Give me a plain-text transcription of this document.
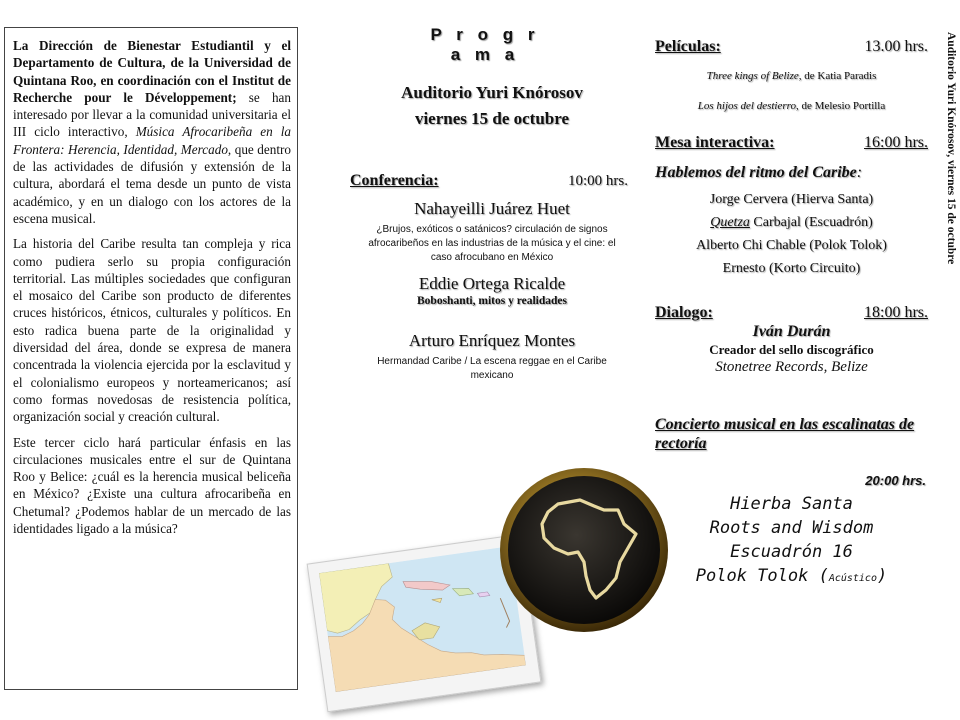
La Dirección de Bienestar Estudiantil y el Departamento de Cultura, de la Universidad de Quintana Roo, en coordinación con el Institut de Recherche pour le Développement; se han interesado por llevar a la comunidad universitaria el III ciclo interactivo, Música Afrocaribeña en la Frontera: Herencia, Identidad, Mercado, que dentro de las actividades de difusión y extensión de la cultura, abordará el tema desde un punto de vista académico, y en un dialogo con los actores de la escena musical.

La historia del Caribe resulta tan compleja y rica como pudiera serlo su propia configuración territorial. Las múltiples sociedades que configuran el mosaico del Caribe son producto de diferentes cruces históricos, étnicos, culturales y políticos. En esto radica buena parte de la originalidad y diversidad del área, donde se expresa de manera concentrada la violencia ejercida por la esclavitud y el colonialismo europeos y norteamericanos; así como formas novedosas de resistencia política, organización social y creación cultural.

Este tercer ciclo hará particular énfasis en las circulaciones musicales entre el sur de Quintana Roo y Belice: ¿cuál es la herencia musical beliceña en México? ¿Existe una cultura afrocaribeña en Chetumal? ¿Podemos hablar de un mercado de las identidades ligado a la música?

P r o g r a m a
Auditorio Yuri Knórosov
viernes 15 de octubre
Conferencia:	10:00 hrs.
Nahayeilli Juárez Huet
¿Brujos, exóticos o satánicos? circulación de signos afrocaribeños en las industrias de la música y el cine: el caso afrocubano en México
Eddie Ortega Ricalde
Boboshanti, mitos y realidades
Arturo Enríquez Montes
Hermandad Caribe / La escena reggae en el Caribe mexicano
Películas:	13.00 hrs.
Three kings of Belize, de Katia Paradis
Los hijos del destierro, de Melesio Portilla
Mesa interactiva:	16:00 hrs.
Hablemos del ritmo del Caribe:
Jorge Cervera (Hierva Santa)
Quetza Carbajal (Escuadrón)
Alberto Chi Chable (Polok Tolok)
Ernesto (Korto Circuito)
Dialogo:	18:00 hrs.
Iván Durán
Creador del sello discográfico
Stonetree Records, Belize
Concierto musical en las escalinatas de rectoría
20:00 hrs.
Hierba Santa
Roots and Wisdom
Escuadrón 16
Polok Tolok (Acústico)
Auditorio Yuri Knórosov, viernes 15 de octubre
